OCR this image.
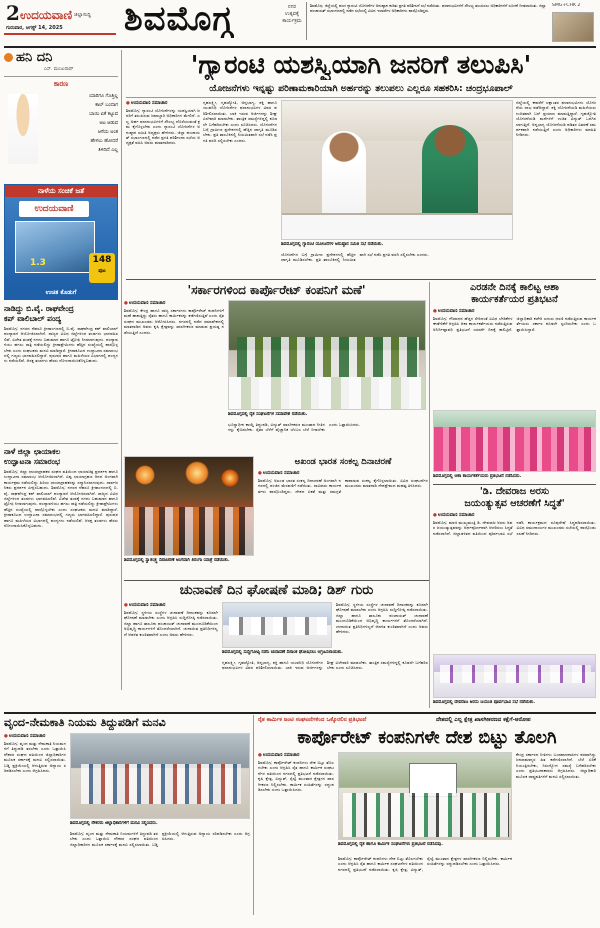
2 ಉದಯವಾಣಿ ಜಿಲ್ಲಾಸುದ್ದಿ
ಗುರುವಾರ, ಆಗಸ್ಟ್ 14, 2025 ಶಿವಮೊಗ್ಗ	ನಗರ
ಉತ್ಸವಕ್ಕೆ
ಕಾರ್ಯಕ್ರಮ
ಶಿವಮೊಗ್ಗ: ಜಿಲ್ಲೆಯಲ್ಲಿ ಪಂಚ ಗ್ಯಾರಂಟಿ ಯೋಜನೆಗಳ ಅನುಷ್ಠಾನ ಕುರಿತು ಪ್ರಗತಿ ಪರಿಶೀಲನೆ ಸಭೆ ನಡೆಯಿತು. ಫಲಾನುಭವಿಗಳಿಗೆ ಸೌಲಭ್ಯ ತಲುಪಿಸಲು ಅಧಿಕಾರಿಗಳಿಗೆ ಸೂಚನೆ ನೀಡಲಾಯಿತು. ಜಿಲ್ಲಾ ಪಂಚಾಯತ್ ಸಭಾಂಗಣದಲ್ಲಿ ನಡೆದ ಸಭೆಯಲ್ಲಿ ವಿವಿಧ ಇಲಾಖೆಗಳ ಅಧಿಕಾರಿಗಳು ಪಾಲ್ಗೊಂಡಿದ್ದರು.
SMG+CHK 2
ಹನಿ ದನಿ
ಎಸ್. ಮಂಜುನಾಥ್
ಕಾರಣ
ಯಾರಿಗೂ ಗೊತ್ತಿಲ್ಲ
ಕಾಲ್ ಬಂದಾಗ
ಬಾಯಿ ಏಕೆ ಕಟ್ಟುವ
ಆಟ ಆಡುವ
ಆಸೆಯ ಅಂತ
ಹೇಳಲು ಹೋದರೆ
ತಿಳಿದಿದೆ ಎಲ್ಲ
ನಾಳೆಯ ಸಂಚಿಕೆ ಜತೆ
ಉದಯವಾಣಿ
1.3	148
ಪುಟ
ಉಚಿತ ಕೊಡುಗೆ
ನಾಡಿದ್ದು ಬಿ.ವೈ. ರಾಘವೇಂದ್ರ
ಕಪ್ ವಾಲಿಬಾಲ್ ಪಂದ್ಯ
ಶಿವಮೊಗ್ಗ: ನಗರದ ನೆಹರೂ ಕ್ರೀಡಾಂಗಣದಲ್ಲಿ ಬಿ.ವೈ. ರಾಘವೇಂದ್ರ ಕಪ್ ವಾಲಿಬಾಲ್ ಪಂದ್ಯಾವಳಿ ಆಯೋಜಿಸಲಾಗಿದೆ. ರಾಜ್ಯದ ವಿವಿಧ ಜಿಲ್ಲೆಗಳಿಂದ ತಂಡಗಳು ಭಾಗವಹಿಸಲಿವೆ. ವಿಜೇತ ತಂಡಕ್ಕೆ ನಗದು ಬಹುಮಾನ ಹಾಗೂ ಟ್ರೋಫಿ ನೀಡಲಾಗುವುದು. ಪಂದ್ಯಾವಳಿಯು ಹಗಲು ರಾತ್ರಿ ನಡೆಯಲಿದ್ದು ಕ್ರೀಡಾಪ್ರೇಮಿಗಳು ಹೆಚ್ಚಿನ ಸಂಖ್ಯೆಯಲ್ಲಿ ಪಾಲ್ಗೊಳ್ಳಬೇಕು ಎಂದು ಸಂಘಟಕರು ಮನವಿ ಮಾಡಿದ್ದಾರೆ. ಕ್ರೀಡಾಕೂಟದ ಉದ್ಘಾಟನಾ ಸಮಾರಂಭದಲ್ಲಿ ಗಣ್ಯರು ಭಾಗವಹಿಸಲಿದ್ದಾರೆ. ಪುರುಷರ ಹಾಗೂ ಮಹಿಳೆಯರ ವಿಭಾಗದಲ್ಲಿ ಪಂದ್ಯಗಳು ನಡೆಯಲಿವೆ. ಆಸಕ್ತ ತಂಡಗಳು ಹೆಸರು ನೋಂದಾಯಿಸಿಕೊಳ್ಳಬಹುದು.
ನಾಳೆ ಜಿಲ್ಲಾ ಛಾಯಾಕಲ
ಉದ್ಘಾಟನಾ ಸಮಾರಂಭ
ಶಿವಮೊಗ್ಗ: ಜಿಲ್ಲಾ ಛಾಯಾಗ್ರಾಹಕರ ಸಂಘದ ವತಿಯಿಂದ ಛಾಯಾಚಿತ್ರ ಪ್ರದರ್ಶನ ಹಾಗೂ ಉದ್ಘಾಟನಾ ಸಮಾರಂಭ ಆಯೋಜಿಸಲಾಗಿದೆ. ವಿಶ್ವ ಛಾಯಾಗ್ರಹಣ ದಿನದ ಅಂಗವಾಗಿ ಕಾರ್ಯಕ್ರಮ ನಡೆಯಲಿದ್ದು ಹಿರಿಯ ಛಾಯಾಗ್ರಾಹಕರನ್ನು ಸನ್ಮಾನಿಸಲಾಗುವುದು. ಸಾರ್ವಜನಿಕರು ಪ್ರದರ್ಶನ ವೀಕ್ಷಿಸಬಹುದು. ಶಿವಮೊಗ್ಗ: ನಗರದ ನೆಹರೂ ಕ್ರೀಡಾಂಗಣದಲ್ಲಿ ಬಿ.ವೈ. ರಾಘವೇಂದ್ರ ಕಪ್ ವಾಲಿಬಾಲ್ ಪಂದ್ಯಾವಳಿ ಆಯೋಜಿಸಲಾಗಿದೆ. ರಾಜ್ಯದ ವಿವಿಧ ಜಿಲ್ಲೆಗಳಿಂದ ತಂಡಗಳು ಭಾಗವಹಿಸಲಿವೆ. ವಿಜೇತ ತಂಡಕ್ಕೆ ನಗದು ಬಹುಮಾನ ಹಾಗೂ ಟ್ರೋಫಿ ನೀಡಲಾಗುವುದು. ಪಂದ್ಯಾವಳಿಯು ಹಗಲು ರಾತ್ರಿ ನಡೆಯಲಿದ್ದು ಕ್ರೀಡಾಪ್ರೇಮಿಗಳು ಹೆಚ್ಚಿನ ಸಂಖ್ಯೆಯಲ್ಲಿ ಪಾಲ್ಗೊಳ್ಳಬೇಕು ಎಂದು ಸಂಘಟಕರು ಮನವಿ ಮಾಡಿದ್ದಾರೆ. ಕ್ರೀಡಾಕೂಟದ ಉದ್ಘಾಟನಾ ಸಮಾರಂಭದಲ್ಲಿ ಗಣ್ಯರು ಭಾಗವಹಿಸಲಿದ್ದಾರೆ. ಪುರುಷರ ಹಾಗೂ ಮಹಿಳೆಯರ ವಿಭಾಗದಲ್ಲಿ ಪಂದ್ಯಗಳು ನಡೆಯಲಿವೆ. ಆಸಕ್ತ ತಂಡಗಳು ಹೆಸರು ನೋಂದಾಯಿಸಿಕೊಳ್ಳಬಹುದು.
'ಗ್ಯಾರಂಟಿ ಯಶಸ್ವಿಯಾಗಿ ಜನರಿಗೆ ತಲುಪಿಸಿ'
ಯೋಜನೆಗಳು ಇನ್ನಷ್ಟು ಪರಿಣಾಮಕಾರಿಯಾಗಿ ಅರ್ಹರನ್ನು ತಲುಪಲು ಎಲ್ಲರೂ ಸಹಕರಿಸಿ: ಚಂದ್ರಭೂಪಾಲ್
●ಉದಯವಾಣಿ ಸಮಾಚಾರ
ಶಿವಮೊಗ್ಗ: ಗ್ಯಾರಂಟಿ ಯೋಜನೆಗಳನ್ನು ಯಶಸ್ವಿಯಾಗಿ ಜನರಿಗೆ ತಲುಪಿಸುವ ಜವಾಬ್ದಾರಿ ಅಧಿಕಾರಿಗಳ ಮೇಲಿದೆ. ಎಲ್ಲ ಅರ್ಹ ಫಲಾನುಭವಿಗಳಿಗೆ ಸೌಲಭ್ಯ ದೊರೆಯುವಂತೆ ಕ್ರಮ ಕೈಗೊಳ್ಳಬೇಕು ಎಂದು ಗ್ಯಾರಂಟಿ ಯೋಜನೆಗಳ ಅನುಷ್ಠಾನ ಸಮಿತಿ ಅಧ್ಯಕ್ಷರು ಹೇಳಿದರು. ಜಿಲ್ಲಾ ಪಂಚಾಯತ್ ಸಭಾಂಗಣದಲ್ಲಿ ನಡೆದ ಪ್ರಗತಿ ಪರಿಶೀಲನಾ ಸಭೆಯ ಅಧ್ಯಕ್ಷತೆ ವಹಿಸಿ ಅವರು ಮಾತನಾಡಿದರು.
ಗೃಹಲಕ್ಷ್ಮೀ, ಗೃಹಜ್ಯೋತಿ, ಅನ್ನಭಾಗ್ಯ, ಶಕ್ತಿ ಹಾಗೂ ಯುವನಿಧಿ ಯೋಜನೆಗಳ ಫಲಾನುಭವಿಗಳ ವಿವರ ಪರಿಶೀಲಿಸಲಾಯಿತು. ಬಾಕಿ ಇರುವ ಅರ್ಜಿಗಳನ್ನು ಶೀಘ್ರ ವಿಲೇವಾರಿ ಮಾಡಬೇಕು. ತಾಂತ್ರಿಕ ಸಮಸ್ಯೆಗಳಿದ್ದಲ್ಲಿ ಕೂಡಲೇ ಬಗೆಹರಿಸಬೇಕು ಎಂದು ಸೂಚಿಸಿದರು. ಯೋಜನೆಗಳ ಬಗ್ಗೆ ಗ್ರಾಮೀಣ ಪ್ರದೇಶಗಳಲ್ಲಿ ಹೆಚ್ಚಿನ ಜಾಗೃತಿ ಮೂಡಿಸಬೇಕು. ಪ್ರತಿ ತಾಲೂಕಿನಲ್ಲಿ ನಿಯಮಿತವಾಗಿ ಸಭೆ ನಡೆಸಿ ಪ್ರಗತಿ ವರದಿ ಸಲ್ಲಿಸಬೇಕು ಎಂದರು.
ಶಿವಮೊಗ್ಗದಲ್ಲಿ ಗ್ಯಾರಂಟಿ ಯೋಜನೆಗಳ ಅನುಷ್ಠಾನ ಸಮಿತಿ ಸಭೆ ನಡೆಯಿತು.
ಯೋಜನೆಗಳ ಬಗ್ಗೆ ಗ್ರಾಮೀಣ ಪ್ರದೇಶಗಳಲ್ಲಿ ಹೆಚ್ಚಿನ ಜಾಗೃತಿ ಮೂಡಿಸಬೇಕು. ಪ್ರತಿ ತಾಲೂಕಿನಲ್ಲಿ ನಿಯಮಿತವಾಗಿ ಸಭೆ ನಡೆಸಿ ಪ್ರಗತಿ ವರದಿ ಸಲ್ಲಿಸಬೇಕು ಎಂದರು.
ಜಿಲ್ಲೆಯಲ್ಲಿ ಈವರೆಗೆ ಲಕ್ಷಾಂತರ ಫಲಾನುಭವಿಗಳು ಯೋಜನೆಯ ಲಾಭ ಪಡೆದಿದ್ದಾರೆ. ಶಕ್ತಿ ಯೋಜನೆಯಡಿ ಮಹಿಳೆಯರು ಉಚಿತವಾಗಿ ಬಸ್ ಪ್ರಯಾಣ ಮಾಡುತ್ತಿದ್ದಾರೆ. ಗೃಹಜ್ಯೋತಿ ಯೋಜನೆಯಡಿ ಮನೆಗಳಿಗೆ ಉಚಿತ ವಿದ್ಯುತ್ ಒದಗಿಸಲಾಗುತ್ತಿದೆ. ಅನ್ನಭಾಗ್ಯ ಯೋಜನೆಯಡಿ ಪಡಿತರ ವಿತರಣೆ ಸಮರ್ಪಕವಾಗಿ ನಡೆಯುತ್ತಿದೆ ಎಂದು ಅಧಿಕಾರಿಗಳು ಮಾಹಿತಿ ನೀಡಿದರು.
'ಸರ್ಕಾರಗಳಿಂದ ಕಾರ್ಪೊರೇಟ್ ಕಂಪನಿಗೆ ಮಣೆ'
●ಉದಯವಾಣಿ ಸಮಾಚಾರ
ಶಿವಮೊಗ್ಗ: ಕೇಂದ್ರ ಹಾಗೂ ರಾಜ್ಯ ಸರ್ಕಾರಗಳು ಕಾರ್ಪೊರೇಟ್ ಕಂಪನಿಗಳಿಗೆ ಮಣೆ ಹಾಕುತ್ತಿದ್ದು ರೈತರು ಹಾಗೂ ಕಾರ್ಮಿಕರನ್ನು ಕಡೆಗಣಿಸುತ್ತಿವೆ ಎಂದು ರೈತ ಸಂಘದ ಮುಖಂಡರು ಆರೋಪಿಸಿದರು. ನಗರದಲ್ಲಿ ನಡೆದ ಸಮಾವೇಶದಲ್ಲಿ ಮಾತನಾಡಿದ ಅವರು ಕೃಷಿ ಕ್ಷೇತ್ರವನ್ನು ಖಾಸಗೀಕರಣ ಮಾಡುವ ಪ್ರಯತ್ನ ನಡೆಯುತ್ತಿದೆ ಎಂದರು.
ಶಿವಮೊಗ್ಗದಲ್ಲಿ ರೈತ ಸಂಘಟನೆಗಳ ಸಮಾವೇಶ ನಡೆಯಿತು.
ಭೂಸ್ವಾಧೀನ ಕಾಯ್ದೆ ತಿದ್ದುಪಡಿ, ವಿದ್ಯುತ್ ಖಾಸಗೀಕರಣ ಮುಂತಾದ ನೀತಿಗಳನ್ನು ಕೈಬಿಡಬೇಕು. ರೈತರ ಬೆಳೆಗೆ ವೈಜ್ಞಾನಿಕ ಬೆಂಬಲ ಬೆಲೆ ನೀಡಬೇಕು ಎಂದು ಒತ್ತಾಯಿಸಿದರು.
ಶಿವಮೊಗ್ಗದಲ್ಲಿ ಸ್ವಾತಂತ್ರ್ಯ ದಿನಾಚರಣೆ ಅಂಗವಾಗಿ ತಿರಂಗಾ ಯಾತ್ರೆ ನಡೆಯಿತು.
ಅಖಂಡ ಭಾರತ ಸಂಕಲ್ಪ ದಿನಾಚರಣೆ
●ಉದಯವಾಣಿ ಸಮಾಚಾರ
ಶಿವಮೊಗ್ಗ: ಅಖಂಡ ಭಾರತ ಸಂಕಲ್ಪ ದಿನಾಚರಣೆ ಅಂಗವಾಗಿ ನಗರದಲ್ಲಿ ಪಂಜಿನ ಮೆರವಣಿಗೆ ನಡೆಯಿತು. ಸಾವಿರಾರು ಕಾರ್ಯಕರ್ತರು ಪಾಲ್ಗೊಂಡಿದ್ದರು. ದೇಶದ ಏಕತೆ ಮತ್ತು ಸಮಗ್ರತೆ ಕಾಪಾಡುವ ಸಂಕಲ್ಪ ಕೈಗೊಳ್ಳಲಾಯಿತು. ವಿವಿಧ ಸಂಘಟನೆಗಳ ಮುಖಂಡರು ಮಾತನಾಡಿ ದೇಶಪ್ರೇಮದ ಮಹತ್ವ ತಿಳಿಸಿದರು.
ಚುನಾವಣೆ ದಿನ ಘೋಷಣೆ ಮಾಡಿ; ಡಿಶ್ ಗುರು
●ಉದಯವಾಣಿ ಸಮಾಚಾರ
ಶಿವಮೊಗ್ಗ: ಸ್ಥಳೀಯ ಸಂಸ್ಥೆಗಳ ಚುನಾವಣೆ ದಿನಾಂಕವನ್ನು ಕೂಡಲೇ ಘೋಷಣೆ ಮಾಡಬೇಕು ಎಂದು ಆಗ್ರಹಿಸಿ ಸುದ್ದಿಗೋಷ್ಠಿ ನಡೆಸಲಾಯಿತು. ಜಿಲ್ಲಾ ಹಾಗೂ ತಾಲೂಕು ಪಂಚಾಯತ್ ಚುನಾವಣೆ ಮುಂದೂಡಿಕೆಯಿಂದ ಅಭಿವೃದ್ಧಿ ಕಾರ್ಯಗಳಿಗೆ ತೊಂದರೆಯಾಗಿದೆ. ಚುನಾಯಿತ ಪ್ರತಿನಿಧಿಗಳಿಲ್ಲದೆ ಆಡಳಿತ ಕುಂಠಿತವಾಗಿದೆ ಎಂದು ಅವರು ಹೇಳಿದರು.
ಶಿವಮೊಗ್ಗದಲ್ಲಿ ಸುದ್ದಿಗೋಷ್ಠಿ ನಡೆಸಿ ಚುನಾವಣೆ ದಿನಾಂಕ ಘೋಷಿಸಲು ಆಗ್ರಹಿಸಲಾಯಿತು.
ಶಿವಮೊಗ್ಗ: ಸ್ಥಳೀಯ ಸಂಸ್ಥೆಗಳ ಚುನಾವಣೆ ದಿನಾಂಕವನ್ನು ಕೂಡಲೇ ಘೋಷಣೆ ಮಾಡಬೇಕು ಎಂದು ಆಗ್ರಹಿಸಿ ಸುದ್ದಿಗೋಷ್ಠಿ ನಡೆಸಲಾಯಿತು. ಜಿಲ್ಲಾ ಹಾಗೂ ತಾಲೂಕು ಪಂಚಾಯತ್ ಚುನಾವಣೆ ಮುಂದೂಡಿಕೆಯಿಂದ ಅಭಿವೃದ್ಧಿ ಕಾರ್ಯಗಳಿಗೆ ತೊಂದರೆಯಾಗಿದೆ. ಚುನಾಯಿತ ಪ್ರತಿನಿಧಿಗಳಿಲ್ಲದೆ ಆಡಳಿತ ಕುಂಠಿತವಾಗಿದೆ ಎಂದು ಅವರು ಹೇಳಿದರು.
ಗೃಹಲಕ್ಷ್ಮೀ, ಗೃಹಜ್ಯೋತಿ, ಅನ್ನಭಾಗ್ಯ, ಶಕ್ತಿ ಹಾಗೂ ಯುವನಿಧಿ ಯೋಜನೆಗಳ ಫಲಾನುಭವಿಗಳ ವಿವರ ಪರಿಶೀಲಿಸಲಾಯಿತು. ಬಾಕಿ ಇರುವ ಅರ್ಜಿಗಳನ್ನು ಶೀಘ್ರ ವಿಲೇವಾರಿ ಮಾಡಬೇಕು. ತಾಂತ್ರಿಕ ಸಮಸ್ಯೆಗಳಿದ್ದಲ್ಲಿ ಕೂಡಲೇ ಬಗೆಹರಿಸಬೇಕು ಎಂದು ಸೂಚಿಸಿದರು.
ಎರಡನೇ ದಿನಕ್ಕೆ ಕಾಲಿಟ್ಟ ಆಶಾ
ಕಾರ್ಯಕರ್ತೆಯರ ಪ್ರತಿಭಟನೆ
●ಉದಯವಾಣಿ ಸಮಾಚಾರ
ಶಿವಮೊಗ್ಗ: ಗೌರವಧನ ಹೆಚ್ಚಳ ಸೇರಿದಂತೆ ವಿವಿಧ ಬೇಡಿಕೆಗಳ ಈಡೇರಿಕೆಗೆ ಆಗ್ರಹಿಸಿ ಆಶಾ ಕಾರ್ಯಕರ್ತೆಯರು ನಡೆಸುತ್ತಿರುವ ಅನಿರ್ದಿಷ್ಟಾವಧಿ ಪ್ರತಿಭಟನೆ ಎರಡನೇ ದಿನಕ್ಕೆ ಕಾಲಿಟ್ಟಿದೆ. ಜಿಲ್ಲಾಧಿಕಾರಿ ಕಚೇರಿ ಎದುರು ಧರಣಿ ನಡೆಸುತ್ತಿರುವ ಕಾರ್ಯಕರ್ತೆಯರು ಸರ್ಕಾರ ಕೂಡಲೇ ಸ್ಪಂದಿಸಬೇಕು ಎಂದು ಒತ್ತಾಯಿಸಿದ್ದಾರೆ.
ಶಿವಮೊಗ್ಗದಲ್ಲಿ ಆಶಾ ಕಾರ್ಯಕರ್ತೆಯರು ಪ್ರತಿಭಟನೆ ನಡೆಸಿದರು.
'ಡಿ. ದೇವರಾಜ ಅರಸು
ಜಯಂತ್ಯುತ್ಸವ ಆಚರಣೆಗೆ ಸಿದ್ಧತೆ'
●ಉದಯವಾಣಿ ಸಮಾಚಾರ
ಶಿವಮೊಗ್ಗ: ಮಾಜಿ ಮುಖ್ಯಮಂತ್ರಿ ಡಿ. ದೇವರಾಜ ಅರಸು ಅವರ ಜಯಂತ್ಯುತ್ಸವವನ್ನು ಅರ್ಥಪೂರ್ಣವಾಗಿ ಆಚರಿಸಲು ಸಿದ್ಧತೆ ನಡೆಸಲಾಗಿದೆ. ಜಿಲ್ಲಾಡಳಿತದ ವತಿಯಿಂದ ಪೂರ್ವಭಾವಿ ಸಭೆ ನಡೆಸಿ ಕಾರ್ಯಕ್ರಮದ ರೂಪುರೇಷೆ ಸಿದ್ಧಪಡಿಸಲಾಯಿತು. ವಿವಿಧ ಸಮುದಾಯಗಳ ಮುಖಂಡರು ಸಭೆಯಲ್ಲಿ ಪಾಲ್ಗೊಂಡು ಸಲಹೆ ನೀಡಿದರು.
ಶಿವಮೊಗ್ಗದಲ್ಲಿ ದೇವರಾಜ ಅರಸು ಜಯಂತಿ ಪೂರ್ವಭಾವಿ ಸಭೆ ನಡೆಯಿತು.
ವೃಂದ-ನೇಮಕಾತಿ ನಿಯಮ ತಿದ್ದುಪಡಿಗೆ ಮನವಿ
●ಉದಯವಾಣಿ ಸಮಾಚಾರ
ಶಿವಮೊಗ್ಗ: ವೃಂದ ಮತ್ತು ನೇಮಕಾತಿ ನಿಯಮಗಳಿಗೆ ತಿದ್ದುಪಡಿ ತರಬೇಕು ಎಂದು ಒತ್ತಾಯಿಸಿ ನೌಕರರ ಸಂಘದ ವತಿಯಿಂದ ಜಿಲ್ಲಾಧಿಕಾರಿಗಳ ಮೂಲಕ ಸರ್ಕಾರಕ್ಕೆ ಮನವಿ ಸಲ್ಲಿಸಲಾಯಿತು. ಬಡ್ತಿ ಪ್ರಕ್ರಿಯೆಯಲ್ಲಿ ಆಗುತ್ತಿರುವ ಅನ್ಯಾಯ ಸರಿಪಡಿಸಬೇಕು ಎಂದು ಆಗ್ರಹಿಸಿದರು.
ಶಿವಮೊಗ್ಗದಲ್ಲಿ ನೌಕರರು ಜಿಲ್ಲಾಧಿಕಾರಿಗಳಿಗೆ ಮನವಿ ಸಲ್ಲಿಸಿದರು.
ಶಿವಮೊಗ್ಗ: ವೃಂದ ಮತ್ತು ನೇಮಕಾತಿ ನಿಯಮಗಳಿಗೆ ತಿದ್ದುಪಡಿ ತರಬೇಕು ಎಂದು ಒತ್ತಾಯಿಸಿ ನೌಕರರ ಸಂಘದ ವತಿಯಿಂದ ಜಿಲ್ಲಾಧಿಕಾರಿಗಳ ಮೂಲಕ ಸರ್ಕಾರಕ್ಕೆ ಮನವಿ ಸಲ್ಲಿಸಲಾಯಿತು. ಬಡ್ತಿ ಪ್ರಕ್ರಿಯೆಯಲ್ಲಿ ಆಗುತ್ತಿರುವ ಅನ್ಯಾಯ ಸರಿಪಡಿಸಬೇಕು ಎಂದು ಆಗ್ರಹಿಸಿದರು.
ರೈತ ಕಾರ್ಮಿಕ ಜಂಟಿ ಸಂಘಟನೆಗಳಿಂದ ಒಕ್ಕೊರಲಿನ ಪ್ರತಿಭಟನೆ	ದೇಶದಲ್ಲಿ ಎಲ್ಲ ಕ್ಷೇತ್ರ ಖಾಸಗೀಕರಣದ ಕಕ್ಷೆಗೆ-ಆರೋಪ
ಕಾರ್ಪೊರೇಟ್ ಕಂಪನಿಗಳೇ ದೇಶ ಬಿಟ್ಟು ತೊಲಗಿ
●ಉದಯವಾಣಿ ಸಮಾಚಾರ
ಶಿವಮೊಗ್ಗ: ಕಾರ್ಪೊರೇಟ್ ಕಂಪನಿಗಳು ದೇಶ ಬಿಟ್ಟು ತೊಲಗಬೇಕು ಎಂದು ಆಗ್ರಹಿಸಿ ರೈತ ಹಾಗೂ ಕಾರ್ಮಿಕ ಸಂಘಟನೆಗಳ ವತಿಯಿಂದ ನಗರದಲ್ಲಿ ಪ್ರತಿಭಟನೆ ನಡೆಸಲಾಯಿತು. ಕೃಷಿ ಕ್ಷೇತ್ರ, ವಿದ್ಯುತ್, ರೈಲ್ವೆ ಮುಂತಾದ ಕ್ಷೇತ್ರಗಳ ಖಾಸಗೀಕರಣ ನಿಲ್ಲಿಸಬೇಕು. ಕಾರ್ಮಿಕ ಸಂಹಿತೆಗಳನ್ನು ರದ್ದುಪಡಿಸಬೇಕು ಎಂದು ಒತ್ತಾಯಿಸಿದರು.
ಶಿವಮೊಗ್ಗದಲ್ಲಿ ರೈತ ಹಾಗೂ ಕಾರ್ಮಿಕ ಸಂಘಟನೆಗಳು ಪ್ರತಿಭಟನೆ ನಡೆಸಿದವು.
ಶಿವಮೊಗ್ಗ: ಕಾರ್ಪೊರೇಟ್ ಕಂಪನಿಗಳು ದೇಶ ಬಿಟ್ಟು ತೊಲಗಬೇಕು ಎಂದು ಆಗ್ರಹಿಸಿ ರೈತ ಹಾಗೂ ಕಾರ್ಮಿಕ ಸಂಘಟನೆಗಳ ವತಿಯಿಂದ ನಗರದಲ್ಲಿ ಪ್ರತಿಭಟನೆ ನಡೆಸಲಾಯಿತು. ಕೃಷಿ ಕ್ಷೇತ್ರ, ವಿದ್ಯುತ್, ರೈಲ್ವೆ ಮುಂತಾದ ಕ್ಷೇತ್ರಗಳ ಖಾಸಗೀಕರಣ ನಿಲ್ಲಿಸಬೇಕು. ಕಾರ್ಮಿಕ ಸಂಹಿತೆಗಳನ್ನು ರದ್ದುಪಡಿಸಬೇಕು ಎಂದು ಒತ್ತಾಯಿಸಿದರು.
ಕೇಂದ್ರ ಸರ್ಕಾರದ ನೀತಿಗಳು ಬಂಡವಾಳಶಾಹಿಗಳ ಪರವಾಗಿದ್ದು ಜನಸಾಮಾನ್ಯರ ಹಿತ ಕಡೆಗಣಿಸಲಾಗಿದೆ. ಬೆಲೆ ಏರಿಕೆ ನಿಯಂತ್ರಿಸಬೇಕು, ನಿರುದ್ಯೋಗ ಸಮಸ್ಯೆ ಬಗೆಹರಿಸಬೇಕು ಎಂದು ಪ್ರತಿಭಟನಾಕಾರರು ಆಗ್ರಹಿಸಿದರು. ಜಿಲ್ಲಾಧಿಕಾರಿ ಮೂಲಕ ರಾಷ್ಟ್ರಪತಿಗಳಿಗೆ ಮನವಿ ಸಲ್ಲಿಸಲಾಯಿತು.
